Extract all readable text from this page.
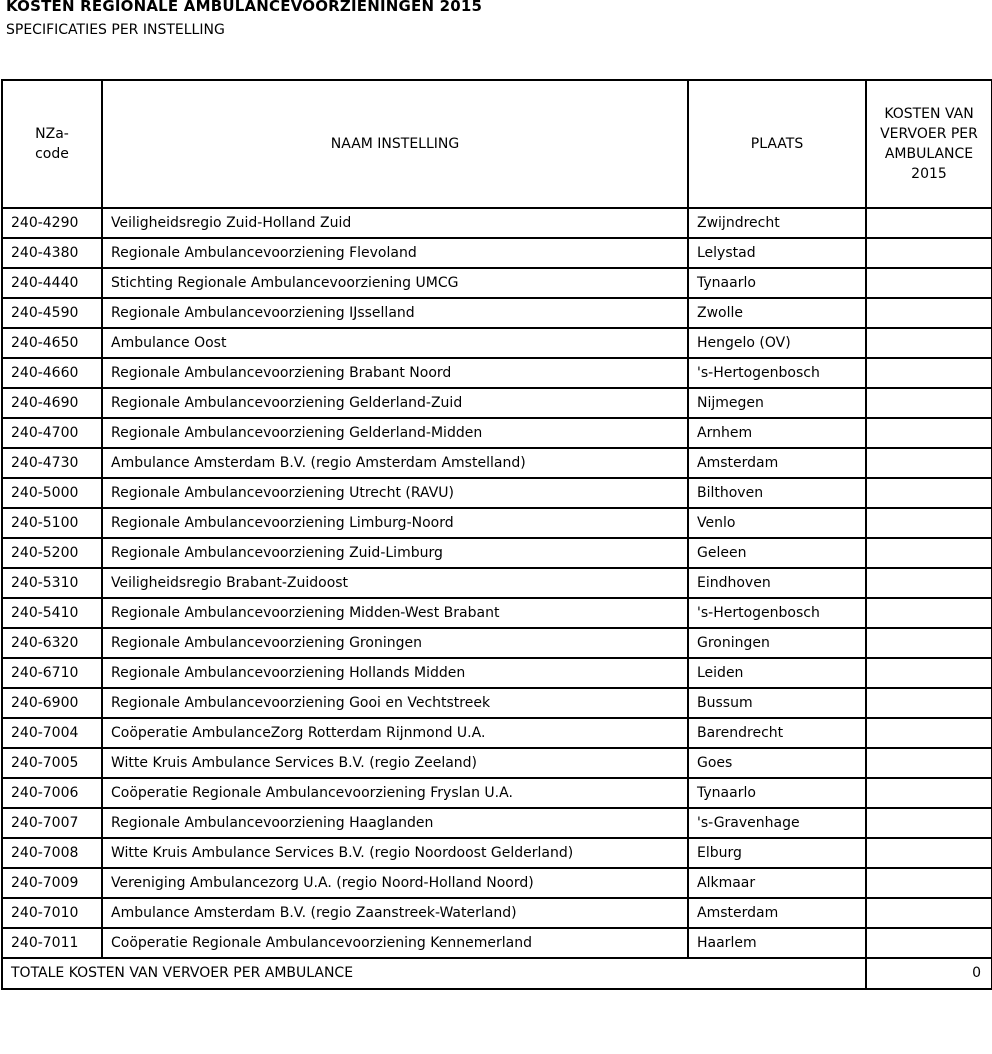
KOSTEN REGIONALE AMBULANCEVOORZIENINGEN 2015
SPECIFICATIES PER INSTELLING
NZa-code	NAAM INSTELLING	PLAATS	KOSTEN VAN VERVOER PER AMBULANCE 2015
240-4290	Veiligheidsregio Zuid-Holland Zuid	Zwijndrecht	
240-4380	Regionale Ambulancevoorziening Flevoland	Lelystad	
240-4440	Stichting Regionale Ambulancevoorziening UMCG	Tynaarlo	
240-4590	Regionale Ambulancevoorziening IJsselland	Zwolle	
240-4650	Ambulance Oost	Hengelo (OV)	
240-4660	Regionale Ambulancevoorziening Brabant Noord	's-Hertogenbosch	
240-4690	Regionale Ambulancevoorziening Gelderland-Zuid	Nijmegen	
240-4700	Regionale Ambulancevoorziening Gelderland-Midden	Arnhem	
240-4730	Ambulance Amsterdam B.V. (regio Amsterdam Amstelland)	Amsterdam	
240-5000	Regionale Ambulancevoorziening Utrecht (RAVU)	Bilthoven	
240-5100	Regionale Ambulancevoorziening Limburg-Noord	Venlo	
240-5200	Regionale Ambulancevoorziening Zuid-Limburg	Geleen	
240-5310	Veiligheidsregio Brabant-Zuidoost	Eindhoven	
240-5410	Regionale Ambulancevoorziening Midden-West Brabant	's-Hertogenbosch	
240-6320	Regionale Ambulancevoorziening Groningen	Groningen	
240-6710	Regionale Ambulancevoorziening Hollands Midden	Leiden	
240-6900	Regionale Ambulancevoorziening Gooi en Vechtstreek	Bussum	
240-7004	Coöperatie AmbulanceZorg Rotterdam Rijnmond U.A.	Barendrecht	
240-7005	Witte Kruis Ambulance Services B.V. (regio Zeeland)	Goes	
240-7006	Coöperatie Regionale Ambulancevoorziening Fryslan U.A.	Tynaarlo	
240-7007	Regionale Ambulancevoorziening Haaglanden	's-Gravenhage	
240-7008	Witte Kruis Ambulance Services B.V. (regio Noordoost Gelderland)	Elburg	
240-7009	Vereniging Ambulancezorg U.A. (regio Noord-Holland Noord)	Alkmaar	
240-7010	Ambulance Amsterdam B.V. (regio Zaanstreek-Waterland)	Amsterdam	
240-7011	Coöperatie Regionale Ambulancevoorziening Kennemerland	Haarlem	
TOTALE KOSTEN VAN VERVOER PER AMBULANCE			0
